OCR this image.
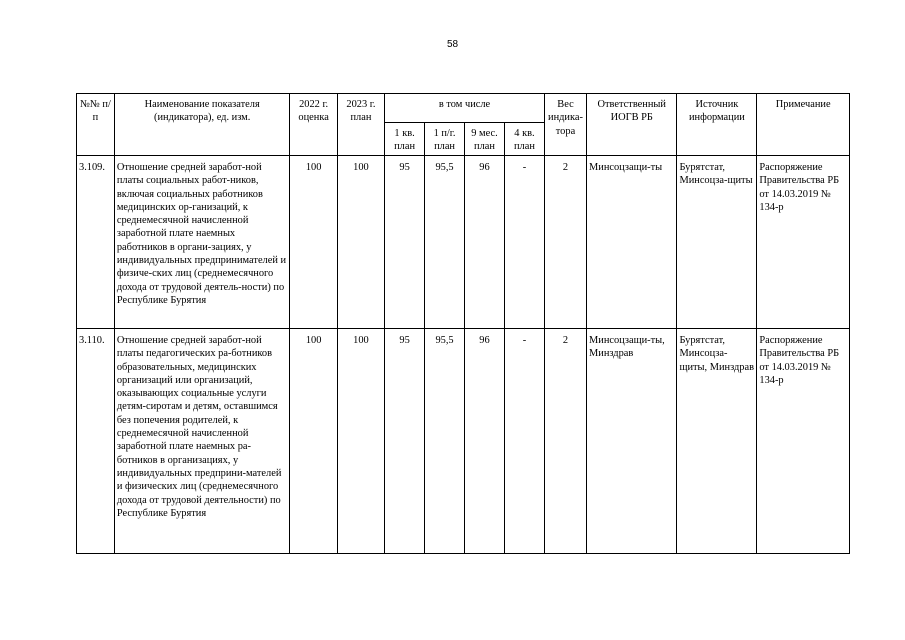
58
№№ п/п	Наименование показателя (индикатора), ед. изм.	2022 г. оценка	2023 г. план	в том числе				Вес индика-тора	Ответственный ИОГВ РБ	Источник информации	Примечание
				1 кв. план	1 п/г. план	9 мес. план	4 кв. план				
3.109.	Отношение средней заработ-ной платы социальных работ-ников, включая социальных работников медицинских ор-ганизаций, к среднемесячной начисленной заработной плате наемных работников в органи-зациях, у индивидуальных предпринимателей и физиче-ских лиц (среднемесячного дохода от трудовой деятель-ности) по Республике Бурятия	100	100	95	95,5	96	-	2	Минсоцзащи-ты	Бурятстат, Минсоцза-щиты	Распоряжение Правительства РБ от 14.03.2019 № 134-р
3.110.	Отношение средней заработ-ной платы педагогических ра-ботников образовательных, медицинских организаций или организаций, оказывающих социальные услуги детям-сиротам и детям, оставшимся без попечения родителей, к среднемесячной начисленной заработной плате наемных ра-ботников в организациях, у индивидуальных предприни-мателей и физических лиц (среднемесячного дохода от трудовой деятельности) по Республике Бурятия	100	100	95	95,5	96	-	2	Минсоцзащи-ты, Минздрав	Бурятстат, Минсоцза-щиты, Минздрав	Распоряжение Правительства РБ от 14.03.2019 № 134-р
